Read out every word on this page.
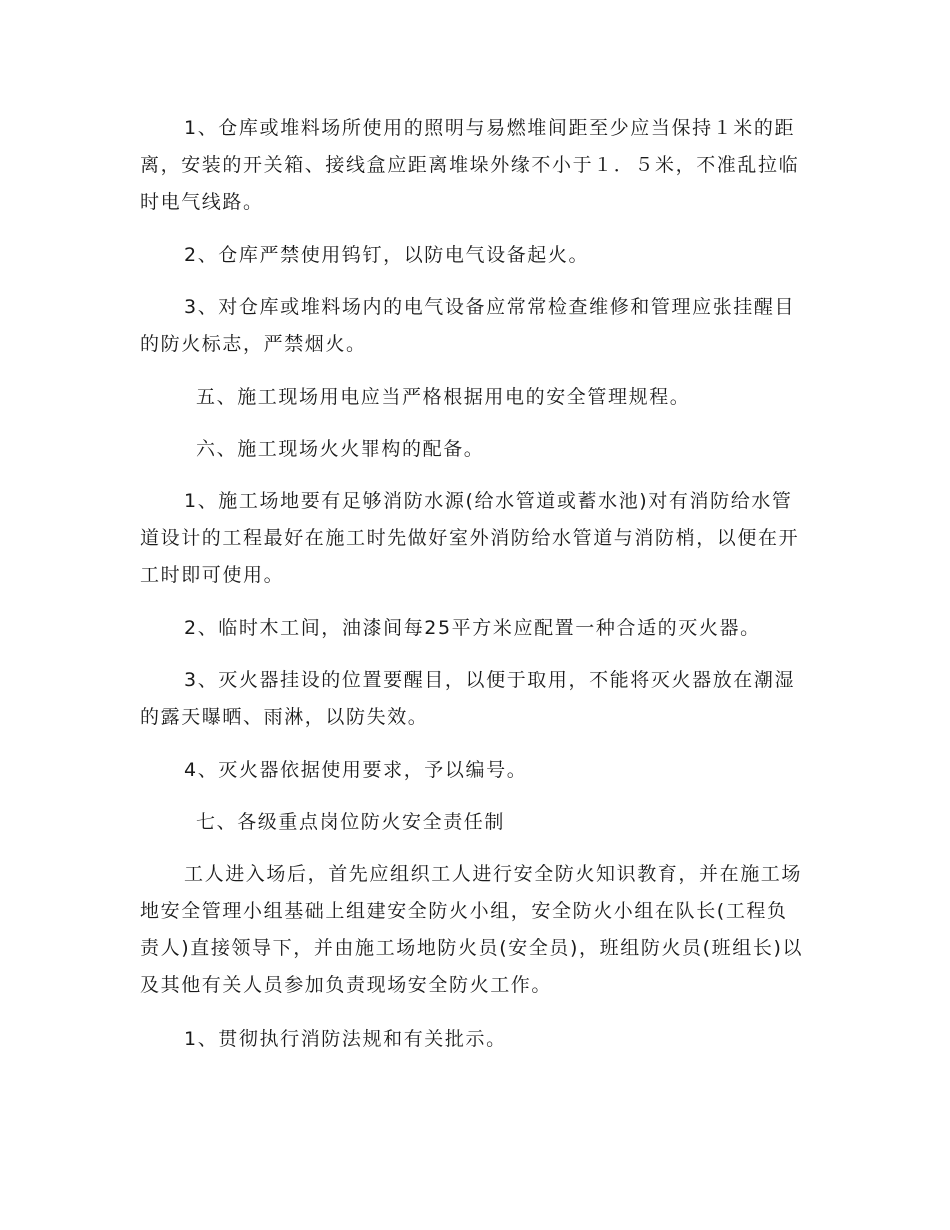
1、仓库或堆料场所使用的照明与易燃堆间距至少应当保持１米的距离，安装的开关箱、接线盒应距离堆垛外缘不小于１．５米，不准乱拉临时电气线路。

2、仓库严禁使用钨钉，以防电气设备起火。

3、对仓库或堆料场内的电气设备应常常检查维修和管理应张挂醒目的防火标志，严禁烟火。

五、施工现场用电应当严格根据用电的安全管理规程。

六、施工现场火火罪构的配备。

1、施工场地要有足够消防水源(给水管道或蓄水池)对有消防给水管道设计的工程最好在施工时先做好室外消防给水管道与消防梢，以便在开工时即可使用。

2、临时木工间，油漆间每25平方米应配置一种合适的灭火器。

3、灭火器挂设的位置要醒目，以便于取用，不能将灭火器放在潮湿的露天曝晒、雨淋，以防失效。

4、灭火器依据使用要求，予以编号。

七、各级重点岗位防火安全责任制

工人进入场后，首先应组织工人进行安全防火知识教育，并在施工场地安全管理小组基础上组建安全防火小组，安全防火小组在队长(工程负责人)直接领导下，并由施工场地防火员(安全员)，班组防火员(班组长)以及其他有关人员参加负责现场安全防火工作。

1、贯彻执行消防法规和有关批示。
